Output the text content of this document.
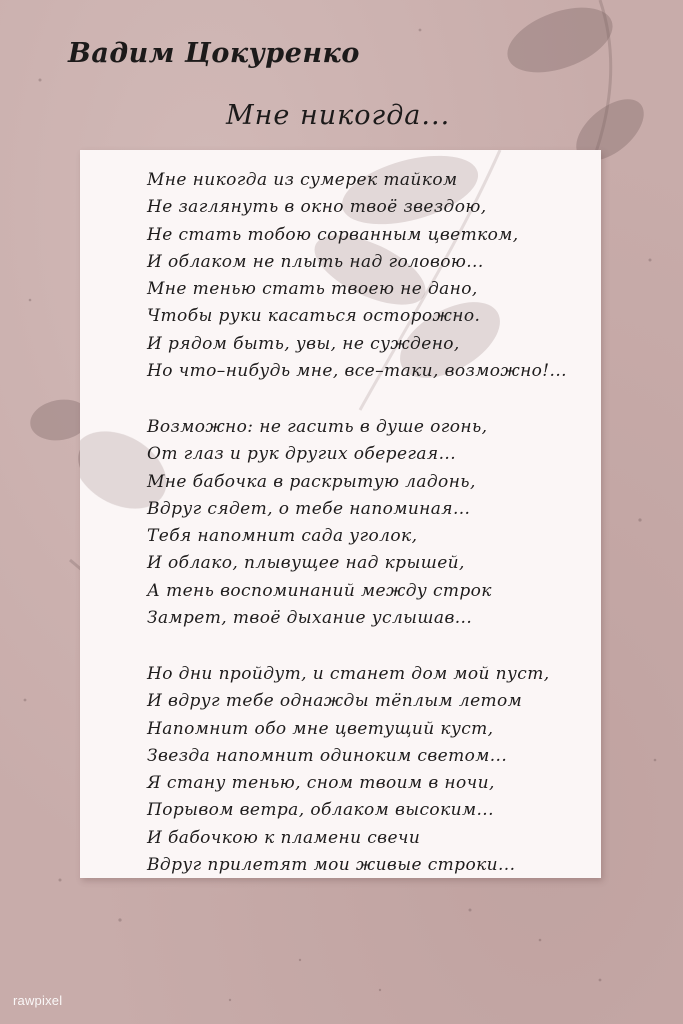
Вадим Цокуренко
Мне никогда...
Мне никогда из сумерек тайком
Не заглянуть в окно твоё звездою,
Не стать тобою сорванным цветком,
И облаком не плыть над головою...
Мне тенью стать твоею не дано,
Чтобы руки касаться осторожно.
И рядом быть, увы, не суждено,
Но что–нибудь мне, все–таки, возможно!...
Возможно: не гасить в душе огонь,
От глаз и рук других оберегая...
Мне бабочка в раскрытую ладонь,
Вдруг сядет, о тебе напоминая...
Тебя напомнит сада уголок,
И облако, плывущее над крышей,
А тень воспоминаний между строк
Замрет, твоё дыхание услышав...
Но дни пройдут, и станет дом мой пуст,
И вдруг тебе однажды тёплым летом
Напомнит обо мне цветущий куст,
Звезда напомнит одиноким светом...
Я стану тенью, сном твоим в ночи,
Порывом ветра, облаком высоким...
И бабочкою к пламени свечи
Вдруг прилетят мои живые строки...
rawpixel
